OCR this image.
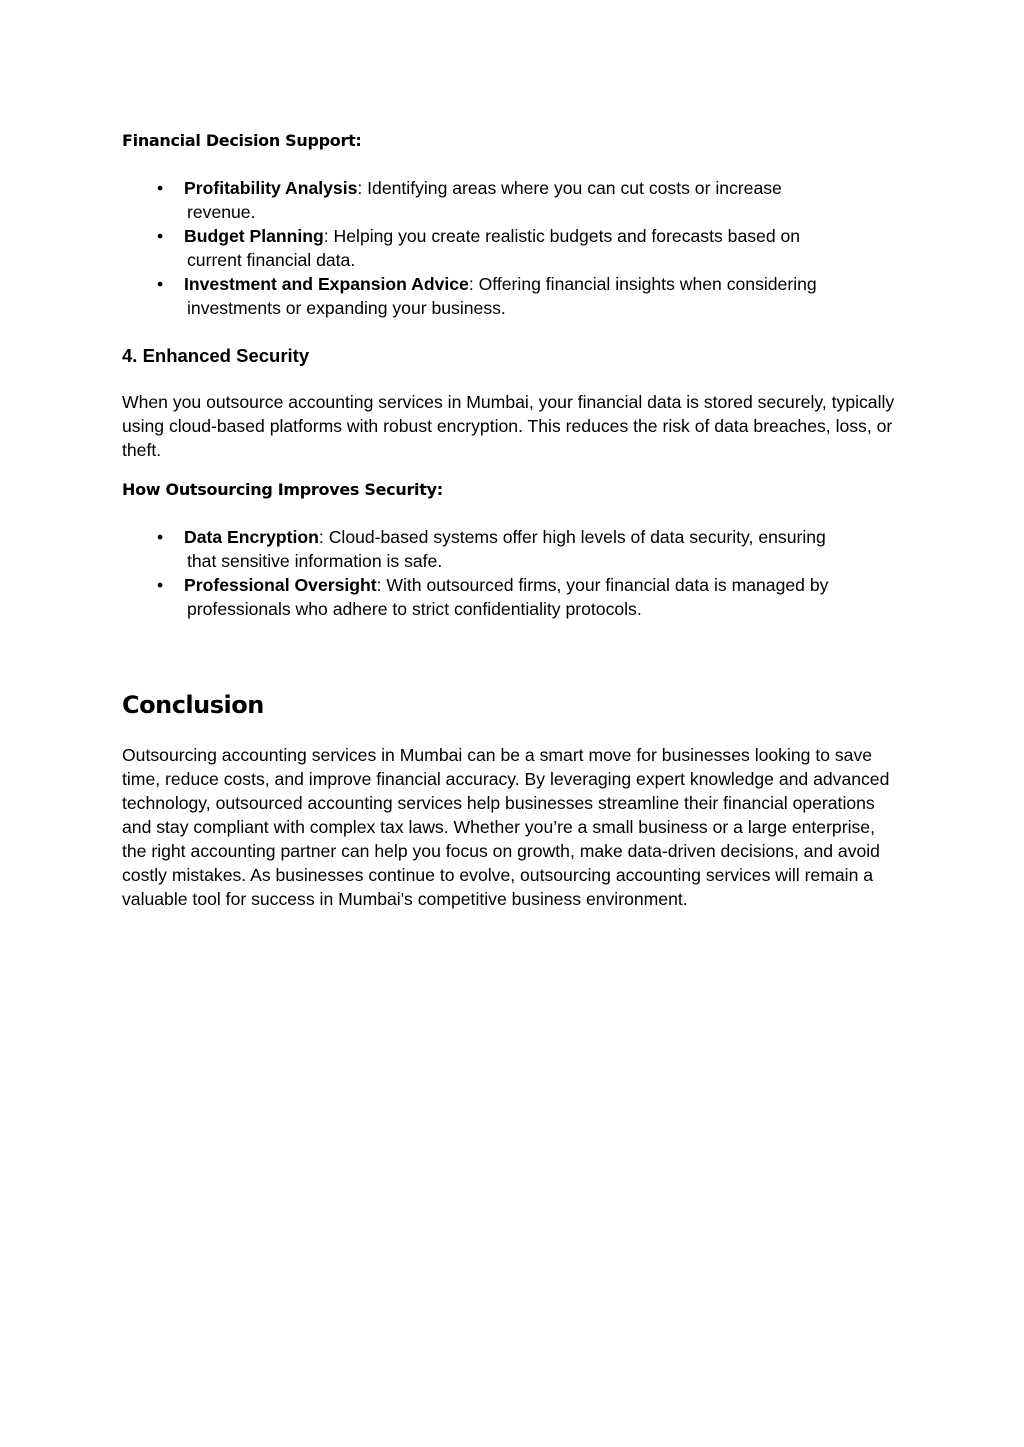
Financial Decision Support:
• Profitability Analysis: Identifying areas where you can cut costs or increase
revenue.
• Budget Planning: Helping you create realistic budgets and forecasts based on
current financial data.
• Investment and Expansion Advice: Offering financial insights when considering
investments or expanding your business.
4. Enhanced Security

When you outsource accounting services in Mumbai, your financial data is stored securely, typically using cloud-based platforms with robust encryption. This reduces the risk of data breaches, loss, or theft.

How Outsourcing Improves Security:
• Data Encryption: Cloud-based systems offer high levels of data security, ensuring
that sensitive information is safe.
• Professional Oversight: With outsourced firms, your financial data is managed by
professionals who adhere to strict confidentiality protocols.
Conclusion

Outsourcing accounting services in Mumbai can be a smart move for businesses looking to save time, reduce costs, and improve financial accuracy. By leveraging expert knowledge and advanced technology, outsourced accounting services help businesses streamline their financial operations and stay compliant with complex tax laws. Whether you’re a small business or a large enterprise, the right accounting partner can help you focus on growth, make data-driven decisions, and avoid costly mistakes. As businesses continue to evolve, outsourcing accounting services will remain a valuable tool for success in Mumbai's competitive business environment.
